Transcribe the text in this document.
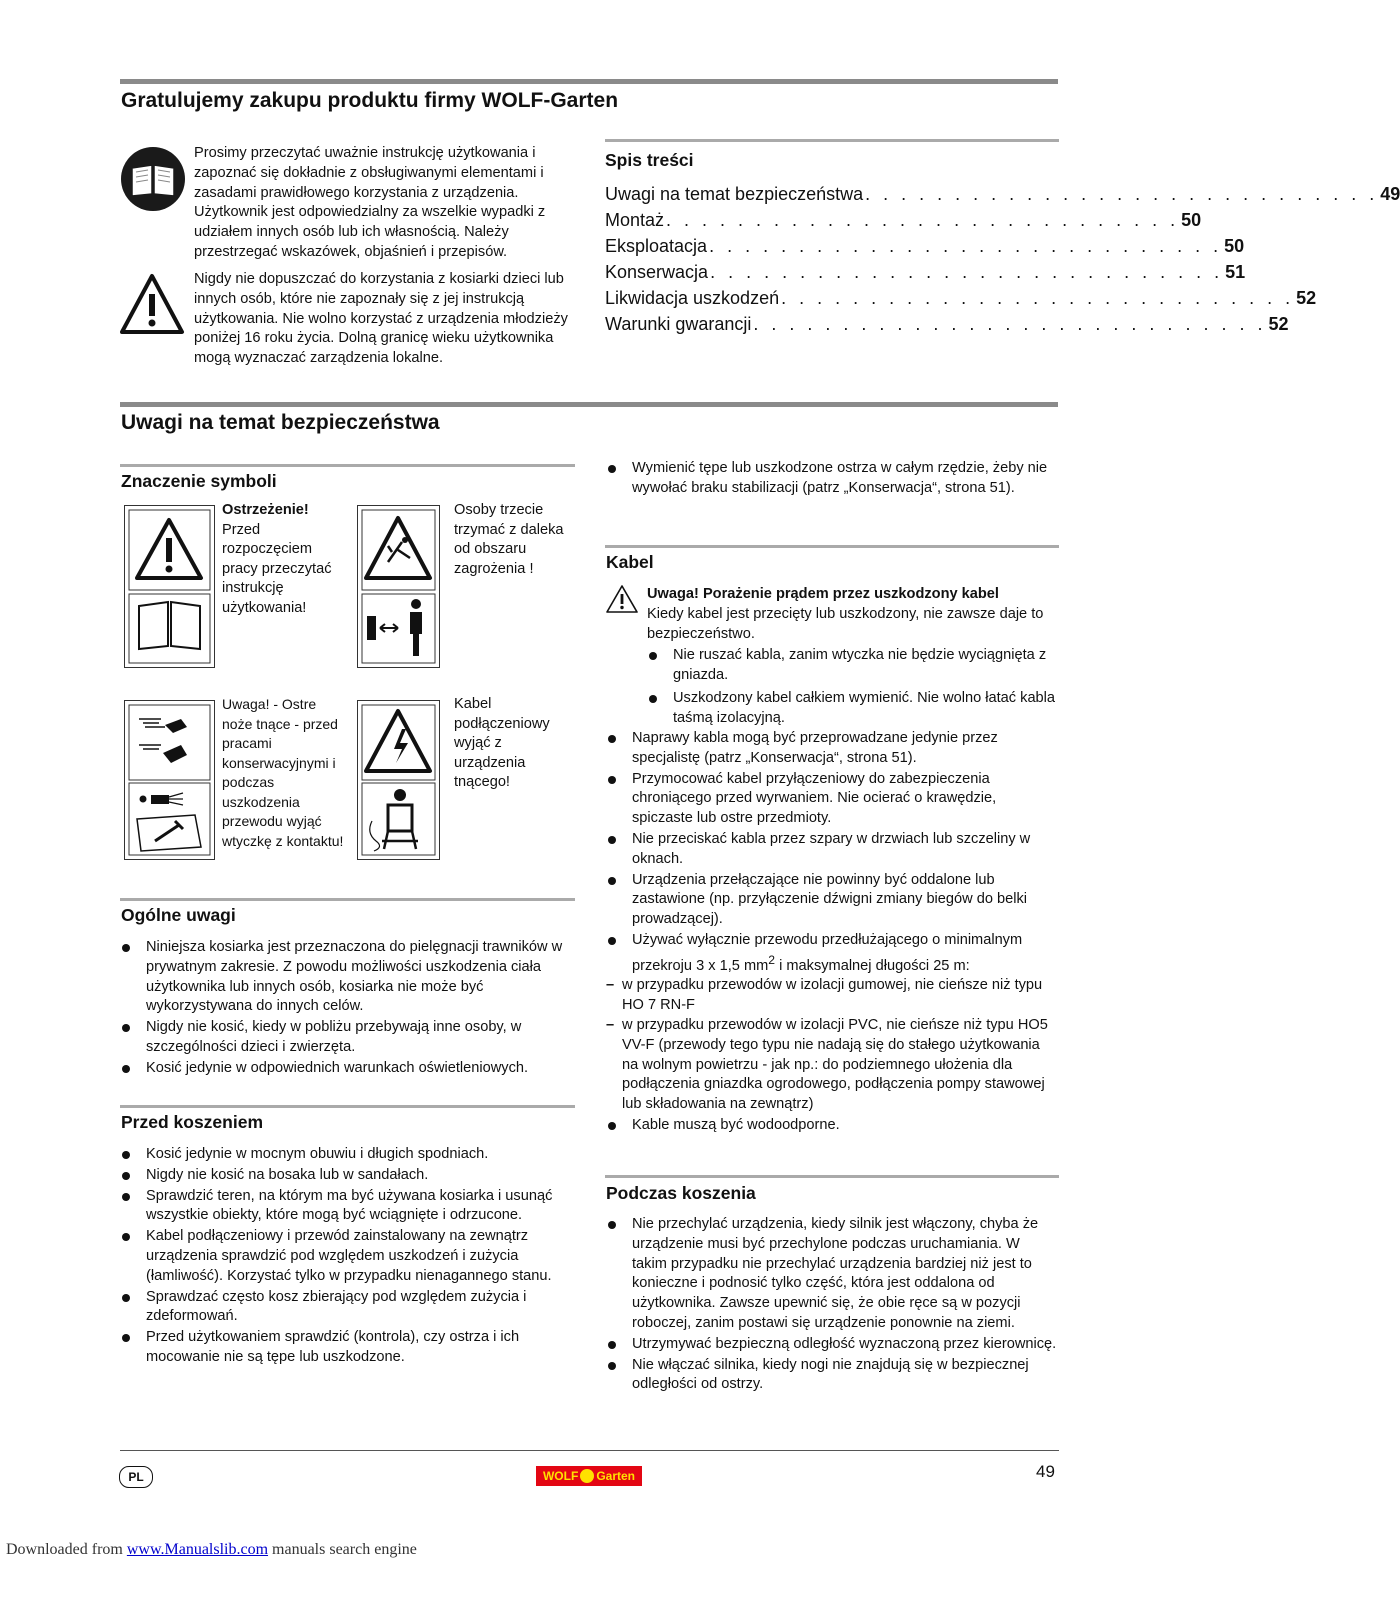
Gratulujemy zakupu produktu firmy WOLF-Garten

Prosimy przeczytać uważnie instrukcję użytkowania i zapoznać się dokładnie z obsługiwanymi elementami i zasadami prawidłowego korzystania z urządzenia. Użytkownik jest odpowiedzialny za wszelkie wypadki z udziałem innych osób lub ich własnością. Należy przestrzegać wskazówek, objaśnień i przepisów.

Nigdy nie dopuszczać do korzystania z kosiarki dzieci lub innych osób, które nie zapoznały się z jej instrukcją użytkowania. Nie wolno korzystać z urządzenia młodzieży poniżej 16 roku życia. Dolną granicę wieku użytkownika mogą wyznaczać zarządzenia lokalne.

Spis treści
Uwagi na temat bezpieczeństwa . . . . . . . . . . . . . . . . . . . . . . . . . . . . . 49
Montaż . . . . . . . . . . . . . . . . . . . . . . . . . . . . . 50
Eksploatacja . . . . . . . . . . . . . . . . . . . . . . . . . . . . . 50
Konserwacja . . . . . . . . . . . . . . . . . . . . . . . . . . . . . 51
Likwidacja uszkodzeń . . . . . . . . . . . . . . . . . . . . . . . . . . . . . 52
Warunki gwarancji . . . . . . . . . . . . . . . . . . . . . . . . . . . . . 52
Uwagi na temat bezpieczeństwa
Znaczenie symboli
Ostrzeżenie!
Przed rozpoczęciem pracy przeczytać instrukcję użytkowania!
Osoby trzecie trzymać z daleka od obszaru zagrożenia !
Uwaga! - Ostre noże tnące - przed pracami konserwacyjnymi i podczas uszkodzenia przewodu wyjąć wtyczkę z kontaktu!
Kabel podłączeniowy wyjąć z urządzenia tnącego!
Ogólne uwagi
Niniejsza kosiarka jest przeznaczona do pielęgnacji trawników w prywatnym zakresie. Z powodu możliwości uszkodzenia ciała użytkownika lub innych osób, kosiarka nie może być wykorzystywana do innych celów.
Nigdy nie kosić, kiedy w pobliżu przebywają inne osoby, w szczególności dzieci i zwierzęta.
Kosić jedynie w odpowiednich warunkach oświetleniowych.
Przed koszeniem
Kosić jedynie w mocnym obuwiu i długich spodniach.
Nigdy nie kosić na bosaka lub w sandałach.
Sprawdzić teren, na którym ma być używana kosiarka i usunąć wszystkie obiekty, które mogą być wciągnięte i odrzucone.
Kabel podłączeniowy i przewód zainstalowany na zewnątrz urządzenia sprawdzić pod względem uszkodzeń i zużycia (łamliwość). Korzystać tylko w przypadku nienagannego stanu.
Sprawdzać często kosz zbierający pod względem zużycia i zdeformowań.
Przed użytkowaniem sprawdzić (kontrola), czy ostrza i ich mocowanie nie są tępe lub uszkodzone.
Wymienić tępe lub uszkodzone ostrza w całym rzędzie, żeby nie wywołać braku stabilizacji (patrz „Konserwacja“, strona 51).
Kabel
Uwaga! Porażenie prądem przez uszkodzony kabel
Kiedy kabel jest przecięty lub uszkodzony, nie zawsze daje to bezpieczeństwo.
Nie ruszać kabla, zanim wtyczka nie będzie wyciągnięta z gniazda.
Uszkodzony kabel całkiem wymienić. Nie wolno łatać kabla taśmą izolacyjną.
Naprawy kabla mogą być przeprowadzane jedynie przez specjalistę (patrz „Konserwacja“, strona 51).
Przymocować kabel przyłączeniowy do zabezpieczenia chroniącego przed wyrwaniem. Nie ocierać o krawędzie, spiczaste lub ostre przedmioty.
Nie przeciskać kabla przez szpary w drzwiach lub szczeliny w oknach.
Urządzenia przełączające nie powinny być oddalone lub zastawione (np. przyłączenie dźwigni zmiany biegów do belki prowadzącej).
Używać wyłącznie przewodu przedłużającego o minimalnym przekroju 3 x 1,5 $mm^2$ i maksymalnej długości 25 m:
– w przypadku przewodów w izolacji gumowej, nie cieńsze niż typu HO 7 RN-F
– w przypadku przewodów w izolacji PVC, nie cieńsze niż typu HO5 VV-F (przewody tego typu nie nadają się do stałego użytkowania na wolnym powietrzu - jak np.: do podziemnego ułożenia dla podłączenia gniazdka ogrodowego, podłączenia pompy stawowej lub składowania na zewnątrz)
Kable muszą być wodoodporne.
Podczas koszenia
Nie przechylać urządzenia, kiedy silnik jest włączony, chyba że urządzenie musi być przechylone podczas uruchamiania. W takim przypadku nie przechylać urządzenia bardziej niż jest to konieczne i podnosić tylko część, która jest oddalona od użytkownika. Zawsze upewnić się, że obie ręce są w pozycji roboczej, zanim postawi się urządzenie ponownie na ziemi.
Utrzymywać bezpieczną odległość wyznaczoną przez kierownicę.
Nie włączać silnika, kiedy nogi nie znajdują się w bezpiecznej odległości od ostrzy.
PL	WOLF Garten	49
Downloaded from www.Manualslib.com manuals search engine
